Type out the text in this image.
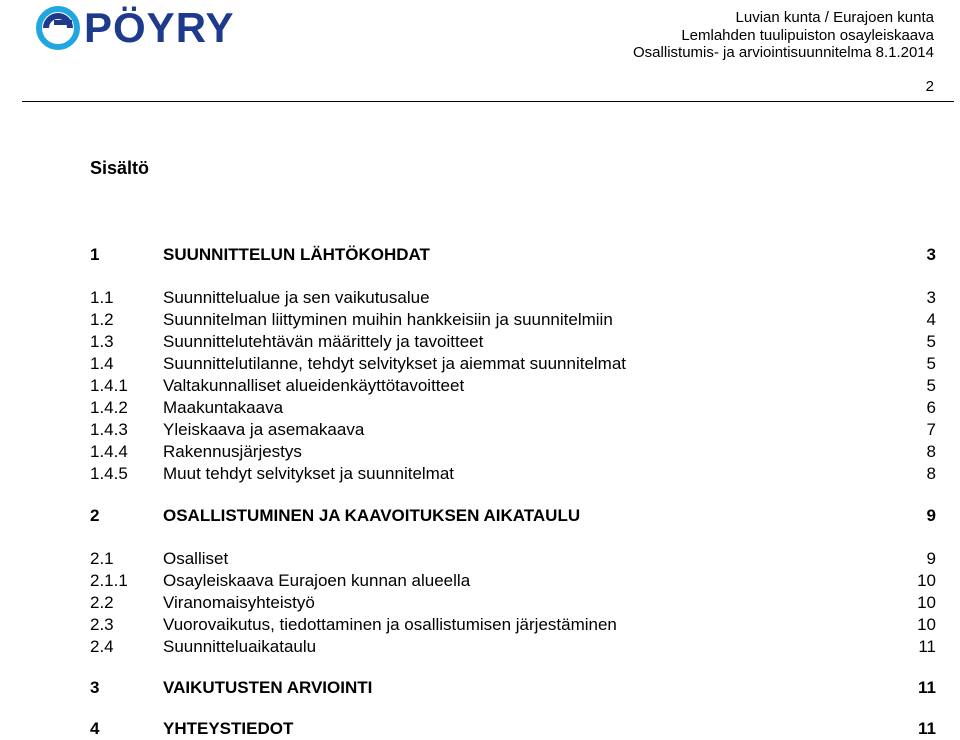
PÖYRY	Luvian kunta / Eurajoen kunta
Lemlahden tuulipuiston osayleiskaava
Osallistumis- ja arviointisuunnitelma 8.1.2014
2
Sisältö
1	SUUNNITTELUN LÄHTÖKOHDAT	3
1.1	Suunnittelualue ja sen vaikutusalue	3
1.2	Suunnitelman liittyminen muihin hankkeisiin ja suunnitelmiin	4
1.3	Suunnittelutehtävän määrittely ja tavoitteet	5
1.4	Suunnittelutilanne, tehdyt selvitykset ja aiemmat suunnitelmat	5
1.4.1 Valtakunnalliset alueidenkäyttötavoitteet	5
1.4.2 Maakuntakaava	6
1.4.3 Yleiskaava ja asemakaava	7
1.4.4 Rakennusjärjestys	8
1.4.5 Muut tehdyt selvitykset ja suunnitelmat	8
2	OSALLISTUMINEN JA KAAVOITUKSEN AIKATAULU	9
2.1	Osalliset	9
2.1.1 Osayleiskaava Eurajoen kunnan alueella	10
2.2	Viranomaisyhteistyö	10
2.3	Vuorovaikutus, tiedottaminen ja osallistumisen järjestäminen	10
2.4	Suunnitteluaikataulu	11
3	VAIKUTUSTEN ARVIOINTI	11
4	YHTEYSTIEDOT	11
